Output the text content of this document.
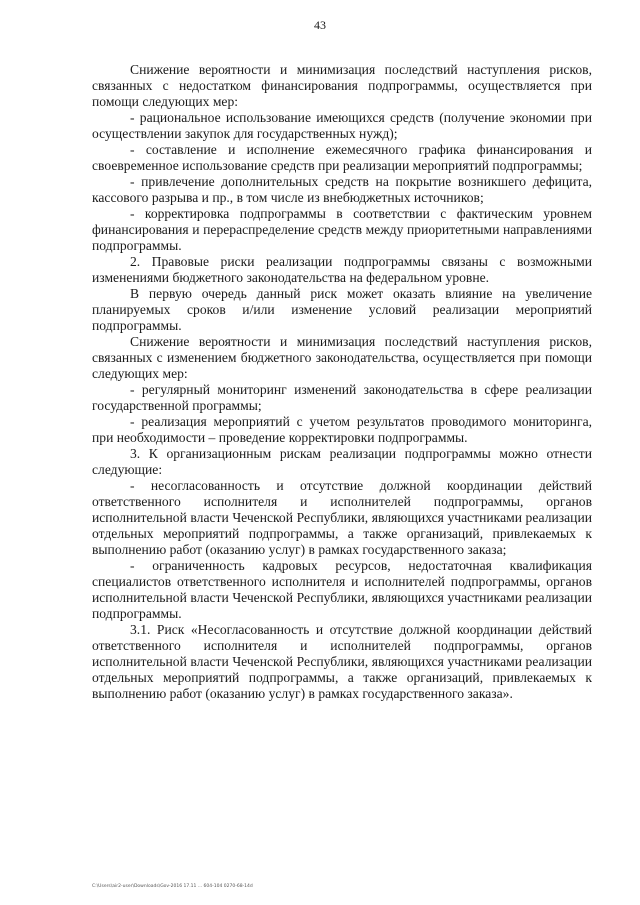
43

Снижение вероятности и минимизация последствий наступления рисков, связанных с недостатком финансирования подпрограммы, осуществляется при помощи следующих мер:

- рациональное использование имеющихся средств (получение экономии при осуществлении закупок для государственных нужд);

- составление и исполнение ежемесячного графика финансирования и своевременное использование средств при реализации мероприятий подпрограммы;

- привлечение дополнительных средств на покрытие возникшего дефицита, кассового разрыва и пр., в том числе из внебюджетных источников;

- корректировка подпрограммы в соответствии с фактическим уровнем финансирования и перераспределение средств между приоритетными направлениями подпрограммы.

2. Правовые риски реализации подпрограммы связаны с возможными изменениями бюджетного законодательства на федеральном уровне.

В первую очередь данный риск может оказать влияние на увеличение планируемых сроков и/или изменение условий реализации мероприятий подпрограммы.

Снижение вероятности и минимизация последствий наступления рисков, связанных с изменением бюджетного законодательства, осуществляется при помощи следующих мер:

- регулярный мониторинг изменений законодательства в сфере реализации государственной программы;

- реализация мероприятий с учетом результатов проводимого мониторинга, при необходимости – проведение корректировки подпрограммы.

3. К организационным рискам реализации подпрограммы можно отнести следующие:

- несогласованность и отсутствие должной координации действий ответственного исполнителя и исполнителей подпрограммы, органов исполнительной власти Чеченской Республики, являющихся участниками реализации отдельных мероприятий подпрограммы, а также организаций, привлекаемых к выполнению работ (оказанию услуг) в рамках государственного заказа;

- ограниченность кадровых ресурсов, недостаточная квалификация специалистов ответственного исполнителя и исполнителей подпрограммы, органов исполнительной власти Чеченской Республики, являющихся участниками реализации подпрограммы.

3.1. Риск «Несогласованность и отсутствие должной координации действий ответственного исполнителя и исполнителей подпрограммы, органов исполнительной власти Чеченской Республики, являющихся участниками реализации отдельных мероприятий подпрограммы, а также организаций, привлекаемых к выполнению работ (оказанию услуг) в рамках государственного заказа».

С:\Users\air2-user\Downloads\Gov-2016 17.11 ... 604-104 0270-68-14d
